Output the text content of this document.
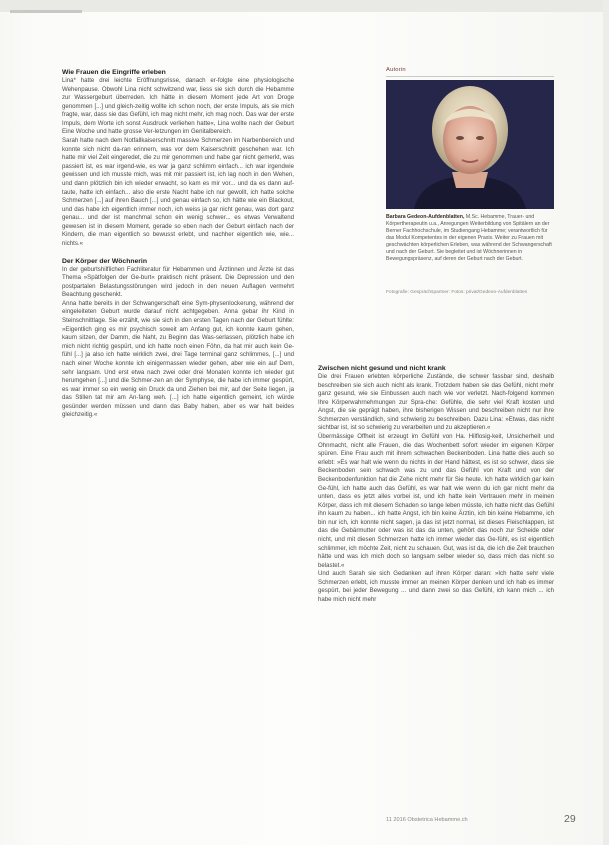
Wie Frauen die Eingriffe erleben

Lina* hatte drei leichte Eröffnungsrisse, danach er-folgte eine physiologische Wehenpause. Obwohl Lina nicht schwitzend war, liess sie sich durch die Hebamme zur Wassergeburt überreden. Ich hätte in diesem Moment jede Art von Droge genommen [...] und gleich-zeitig wollte ich schon noch, der erste Impuls, als sie mich fragte, war, dass sie das Gefühl, ich mag nicht mehr, ich mag noch. Das war der erste Impuls, dem Worte ich sonst Ausdruck verliehen hatte«, Lina wollte nach der Geburt Eine Woche und hatte grosse Ver-letzungen im Genitalbereich.

Sarah hatte nach dem Notfallkaiserschnitt massive Schmerzen im Narbenbereich und konnte sich nicht da-ran erinnern, was vor dem Kaiserschnitt geschehen war. Ich hatte mir viel Zeit eingeredet, die zu mir genommen und habe gar nicht gemerkt, was passiert ist, es war irgend-wie, es war ja ganz schlimm einfach... ich war irgendwie gewissen und ich musste mich, was mit mir passiert ist, ich lag noch in den Wehen, und dann plötzlich bin ich wieder erwacht, so kam es mir vor... und da es dann auf-taute, hatte ich einfach... also die erste Nacht habe ich nur gewollt, ich hatte solche Schmerzen [...] auf ihren Bauch [...] und genau einfach so, ich hätte wie ein Blackout, und das habe ich eigentlich immer noch, ich weiss ja gar nicht genau, was dort ganz genau... und der ist manchmal schon ein wenig schwer... es etwas Verwaltend gewesen ist in diesem Moment, gerade so eben nach der Geburt einfach nach der Kindern, die man eigentlich so bewusst erlebt, und nachher eigentlich wie, wie... nichts.«

Der Körper der Wöchnerin

In der geburtshilflichen Fachliteratur für Hebammen und Ärztinnen und Ärzte ist das Thema »Spätfolgen der Ge-burt« praktisch nicht präsent. Die Depression und den postpartalen Belastungsstörungen wird jedoch in den neuen Auflagen vermehrt Beachtung geschenkt.

Anna hatte bereits in der Schwangerschaft eine Sym-physenlockerung, während der eingeleiteten Geburt wurde darauf nicht achtgegeben. Anna gebar ihr Kind in Steinschnittlage. Sie erzählt, wie sie sich in den ersten Tagen nach der Geburt fühlte: »Eigentlich ging es mir psychisch soweit am Anfang gut, ich konnte kaum gehen, kaum sitzen, der Damm, die Naht, zu Beginn das Was-serlassen, plötzlich habe ich mich nicht richtig gespürt, und ich hatte noch einen Föhn, da hat mir auch kein Ge-fühl [...] ja also ich hatte wirklich zwei, drei Tage terminal ganz schlimmes, [...] und nach einer Woche konnte ich einigermassen wieder gehen, aber wie ein auf Dem, sehr langsam. Und erst etwa nach zwei oder drei Monaten konnte ich wieder gut herumgehen [...] und die Schmer-zen an der Symphyse, die habe ich immer gespürt, es war immer so ein wenig ein Druck da und Ziehen bei mir, auf der Seite liegen, ja das Stillen tat mir am An-fang weh. [...] ich hatte eigentlich gemeint, ich würde gesünder werden müssen und dann das Baby haben, aber es war halt beides gleichzeitig.«

Autorin
Barbara Gedeon-Aufdenblatten, M.Sc. Hebamme, Trauer- und Körpertherapeutin u.a., Anregungen Weiterbildung von Spitälern an der Berner Fachhochschule, im Studiengang Hebamme; verantwortlich für das Modul Kompetentes in der eigenen Praxis. Weiter zu Frauen mit geschwächten körperlichen Erleben, was während der Schwangerschaft und nach der Geburt. Sie begleitet und ist Wöchnerinnen in Bewegungspräsenz, auf deren der Geburt nach der Geburt.
Fotografie: Gesprächspartner: Fotos: privat/Gedeon-Aufdenblatten

Zwischen nicht gesund und nicht krank

Die drei Frauen erlebten körperliche Zustände, die schwer fassbar sind, deshalb beschreiben sie sich auch nicht als krank. Trotzdem haben sie das Gefühl, nicht mehr ganz gesund, wie sie Einbussen auch nach wie vor verletzt. Nach-folgend kommen Ihre Körperwahrnehmungen zur Spra-che: Gefühle, die sehr viel Kraft kosten und Angst, die sie geprägt haben, ihre bisherigen Wissen und beschreiben nicht nur ihre Schmerzen verständlich, sind schwierig zu beschreiben. Dazu Lina: »Etwas, das nicht sichtbar ist, ist so schwierig zu verarbeiten und zu akzeptieren.«

Übermässige Offheit ist erzeugt im Gefühl von Ha. Hilflosig-keit, Unsicherheit und Ohnmacht, nicht alle Frauen, die das Wochenbett sofort wieder im eigenen Körper spüren. Eine Frau auch mit ihrem schwachen Beckenboden. Lina hatte dies auch so erlebt: »Es war halt wie wenn du nichts in der Hand hättest, es ist so schwer, dass sie Beckenboden sein schwach was zu und das Gefühl von Kraft und von der Beckenbodenfunktion hat die Zehe nicht mehr für Sie heute. Ich hatte wirklich gar kein Ge-fühl, ich hatte auch das Gefühl, es war halt wie wenn du ich gar nicht mehr da unten, dass es jetzt alles vorbei ist, und ich hatte kein Vertrauen mehr in meinen Körper, dass ich mit diesem Schaden so lange leben müsste, ich hatte nicht das Gefühl ihn kaum zu haben... ich hatte Angst, ich bin keine Ärztin, ich bin keine Hebamme, ich bin nur ich, ich konnte nicht sagen, ja das ist jetzt normal, ist dieses Fleischlappen, ist das die Gebärmutter oder was ist das da unten, gehört das noch zur Scheide oder nicht, und mit diesen Schmerzen hatte ich immer wieder das Ge-fühl, es ist eigentlich schlimmer, ich möchte Zeit, nicht zu schauen. Gut, was ist da, die ich die Zeit brauchen hätte und was ich mich doch so langsam selber wieder so, dass mich das nicht so belastet.«

Und auch Sarah sie sich Gedanken auf ihren Körper daran: »Ich hatte sehr viele Schmerzen erlebt, ich musste immer an meinen Körper denken und ich hab es immer gespürt, bei jeder Bewegung ... und dann zwei so das Gefühl, ich kann mich ... ich habe mich nicht mehr

11 2016 Obstetrica Hebamme.ch	29
